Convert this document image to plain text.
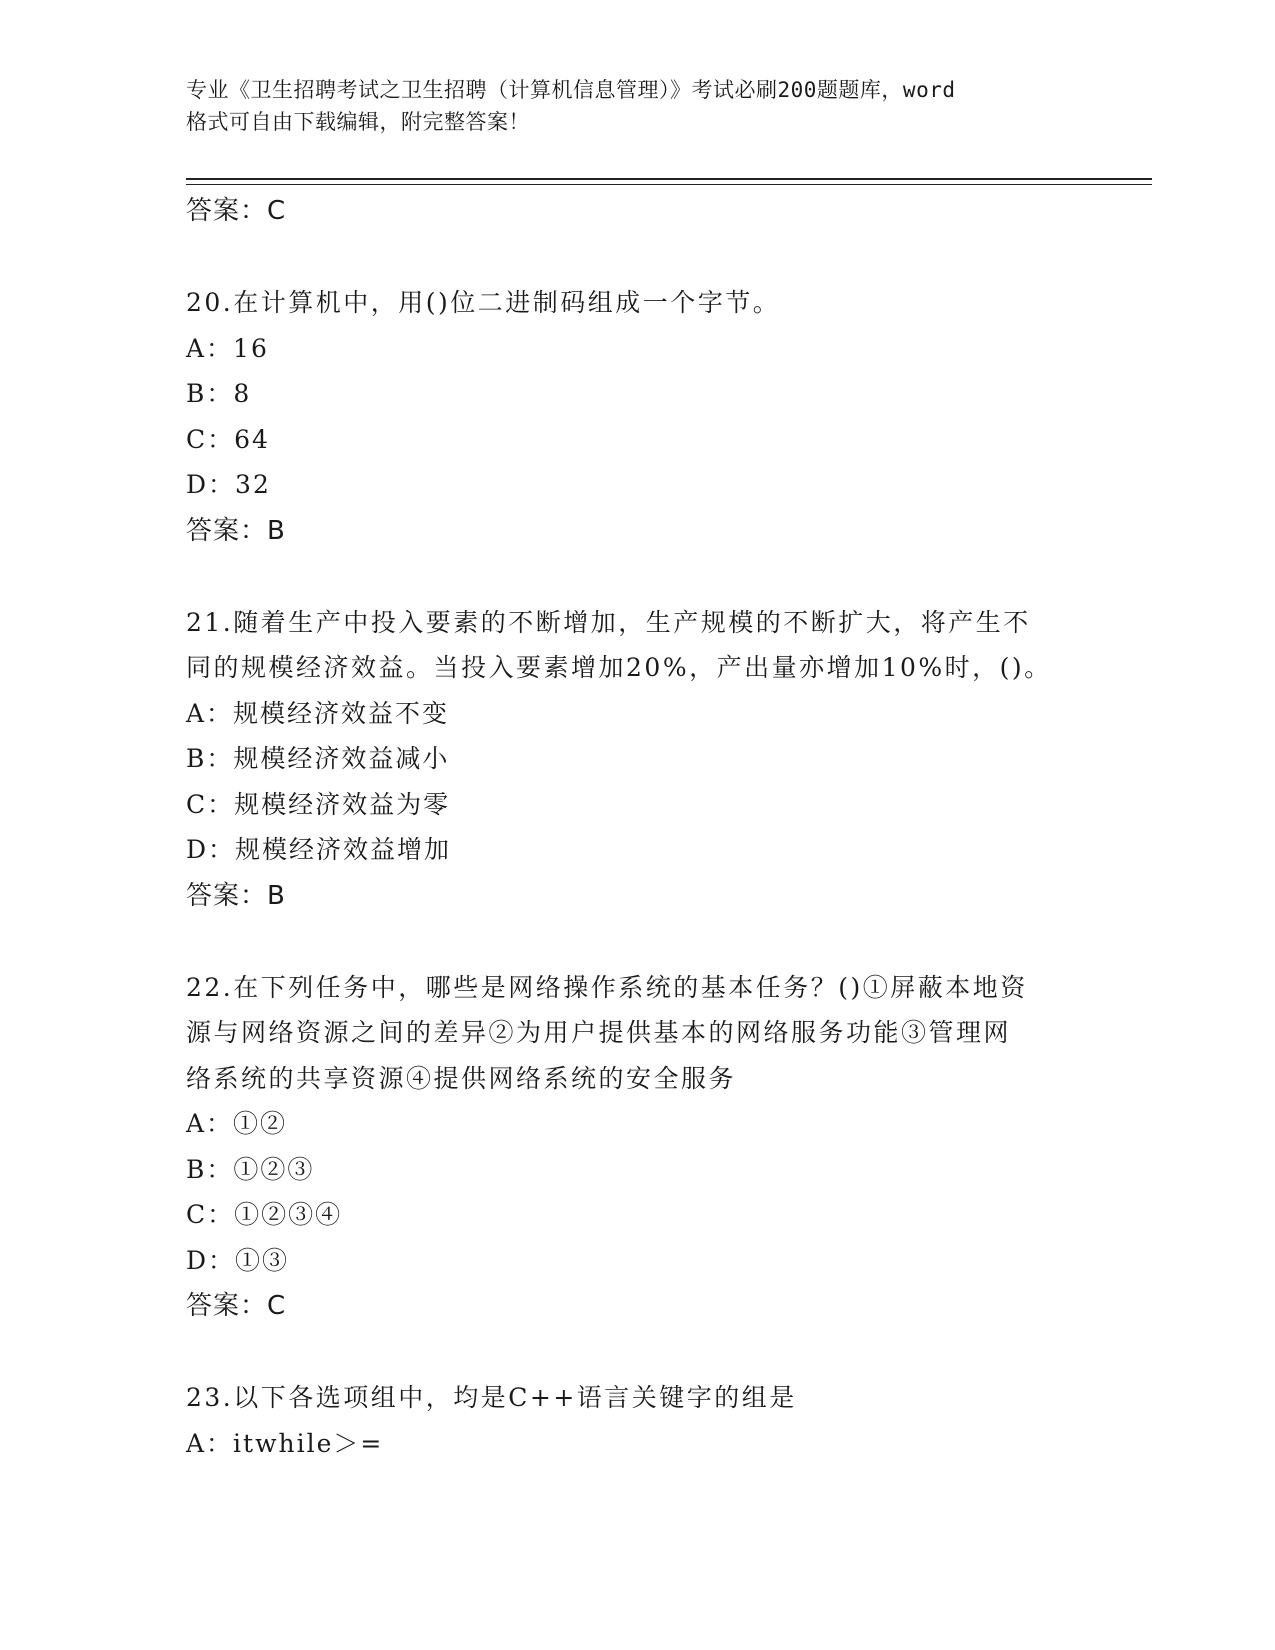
专业《卫生招聘考试之卫生招聘（计算机信息管理）》考试必刷200题题库，word
格式可自由下载编辑，附完整答案！
答案：C
20.在计算机中，用()位二进制码组成一个字节。
A：16
B：8
C：64
D：32
答案：B
21.随着生产中投入要素的不断增加，生产规模的不断扩大，将产生不
同的规模经济效益。当投入要素增加20%，产出量亦增加10%时，()。
A：规模经济效益不变
B：规模经济效益减小
C：规模经济效益为零
D：规模经济效益增加
答案：B
22.在下列任务中，哪些是网络操作系统的基本任务？()①屏蔽本地资
源与网络资源之间的差异②为用户提供基本的网络服务功能③管理网
络系统的共享资源④提供网络系统的安全服务
A：①②
B：①②③
C：①②③④
D：①③
答案：C
23.以下各选项组中，均是C++语言关键字的组是
A：itwhile＞=
